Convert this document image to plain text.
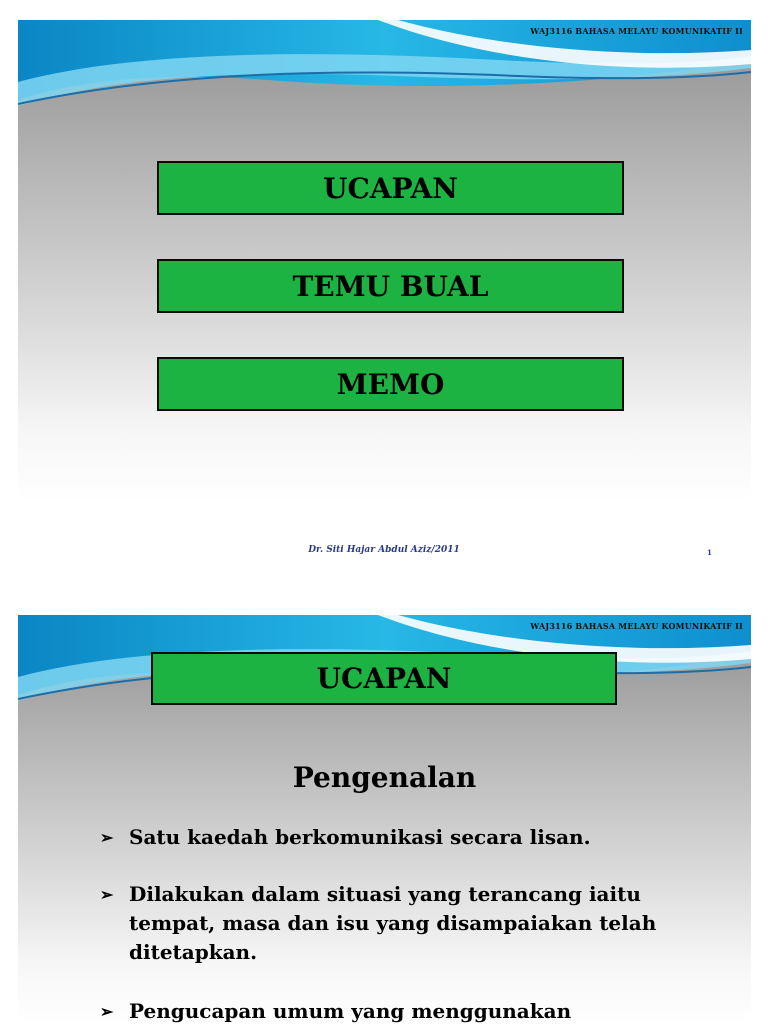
WAJ3116 BAHASA MELAYU KOMUNIKATIF II
UCAPAN
TEMU BUAL
MEMO
Dr. Siti Hajar Abdul Aziz/2011	1
WAJ3116 BAHASA MELAYU KOMUNIKATIF II
UCAPAN
Pengenalan
➢ Satu kaedah berkomunikasi secara lisan.
➢ Dilakukan dalam situasi yang terancang iaitu tempat, masa dan isu yang disampaiakan telah ditetapkan.
➢ Pengucapan umum yang menggunakan
